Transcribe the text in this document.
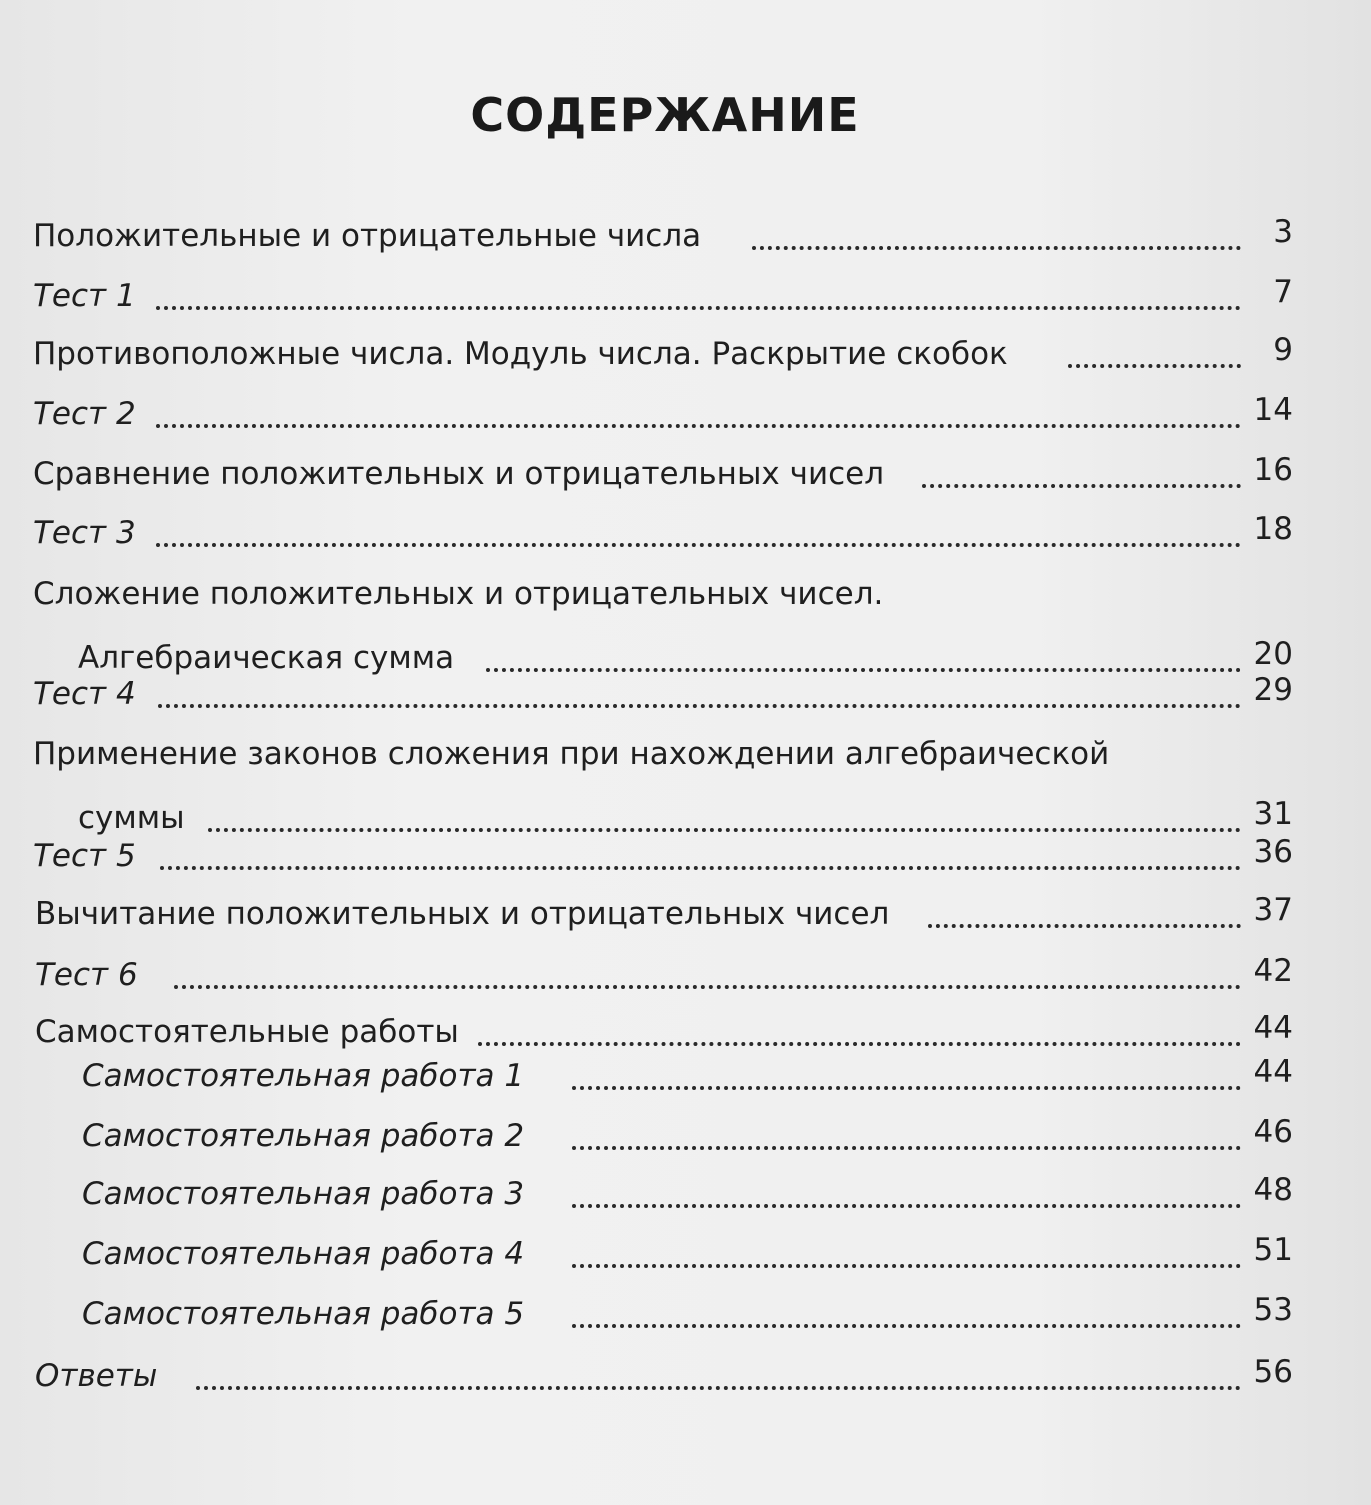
СОДЕРЖАНИЕ
Положительные и отрицательные числа	3
Тест 1	7
Противоположные числа. Модуль числа. Раскрытие скобок	9
Тест 2	14
Сравнение положительных и отрицательных чисел	16
Тест 3	18
Сложение положительных и отрицательных чисел.
Алгебраическая сумма	20
Тест 4	29
Применение законов сложения при нахождении алгебраической
суммы	31
Тест 5	36
Вычитание положительных и отрицательных чисел	37
Тест 6	42
Самостоятельные работы	44
Самостоятельная работа 1	44
Самостоятельная работа 2	46
Самостоятельная работа 3	48
Самостоятельная работа 4	51
Самостоятельная работа 5	53
Ответы	56
